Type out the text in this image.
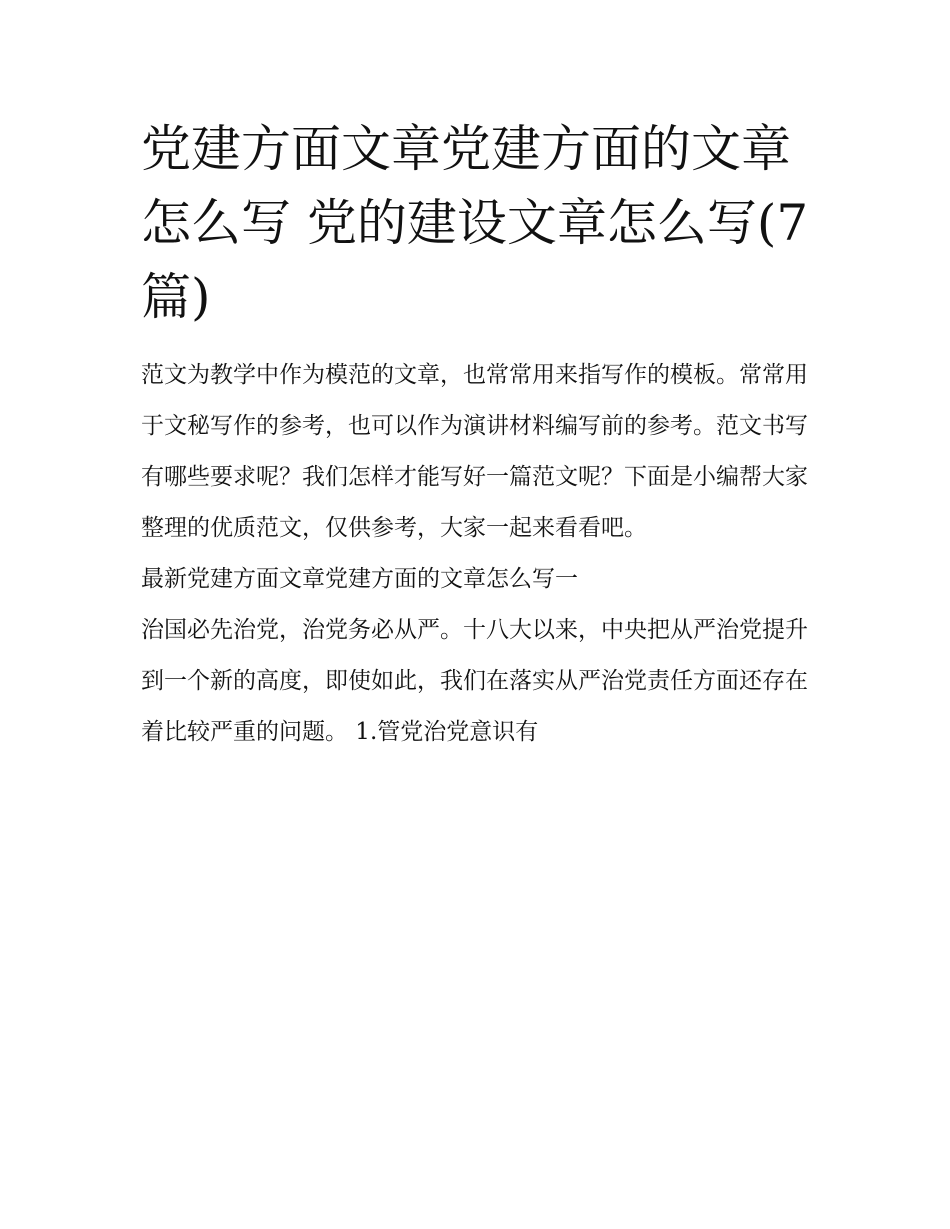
党建方面文章党建方面的文章怎么写 党的建设文章怎么写(7篇)

范文为教学中作为模范的文章，也常常用来指写作的模板。常常用于文秘写作的参考，也可以作为演讲材料编写前的参考。范文书写有哪些要求呢？我们怎样才能写好一篇范文呢？下面是小编帮大家整理的优质范文，仅供参考，大家一起来看看吧。

最新党建方面文章党建方面的文章怎么写一

治国必先治党，治党务必从严。十八大以来，中央把从严治党提升到一个新的高度，即使如此，我们在落实从严治党责任方面还存在着比较严重的问题。 1.管党治党意识有
